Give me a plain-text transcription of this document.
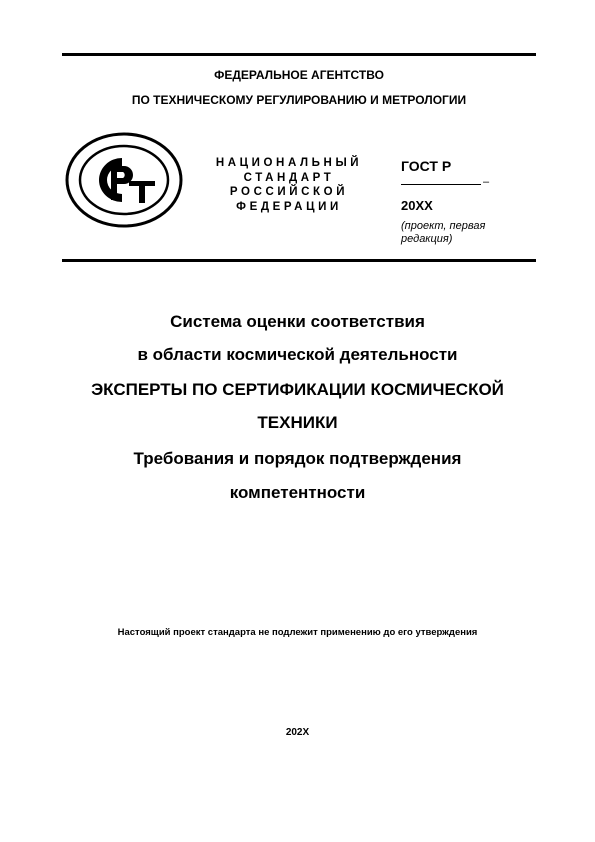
ФЕДЕРАЛЬНОЕ АГЕНТСТВО
ПО ТЕХНИЧЕСКОМУ РЕГУЛИРОВАНИЮ И МЕТРОЛОГИИ
НАЦИОНАЛЬНЫЙ
СТАНДАРТ
РОССИЙСКОЙ
ФЕДЕРАЦИИ
ГОСТ Р
–
20XX
(проект, первая редакция)
Система оценки соответствия
в области космической деятельности
ЭКСПЕРТЫ ПО СЕРТИФИКАЦИИ КОСМИЧЕСКОЙ
ТЕХНИКИ
Требования и порядок подтверждения
компетентности
Настоящий проект стандарта не подлежит применению до его утверждения
202X
